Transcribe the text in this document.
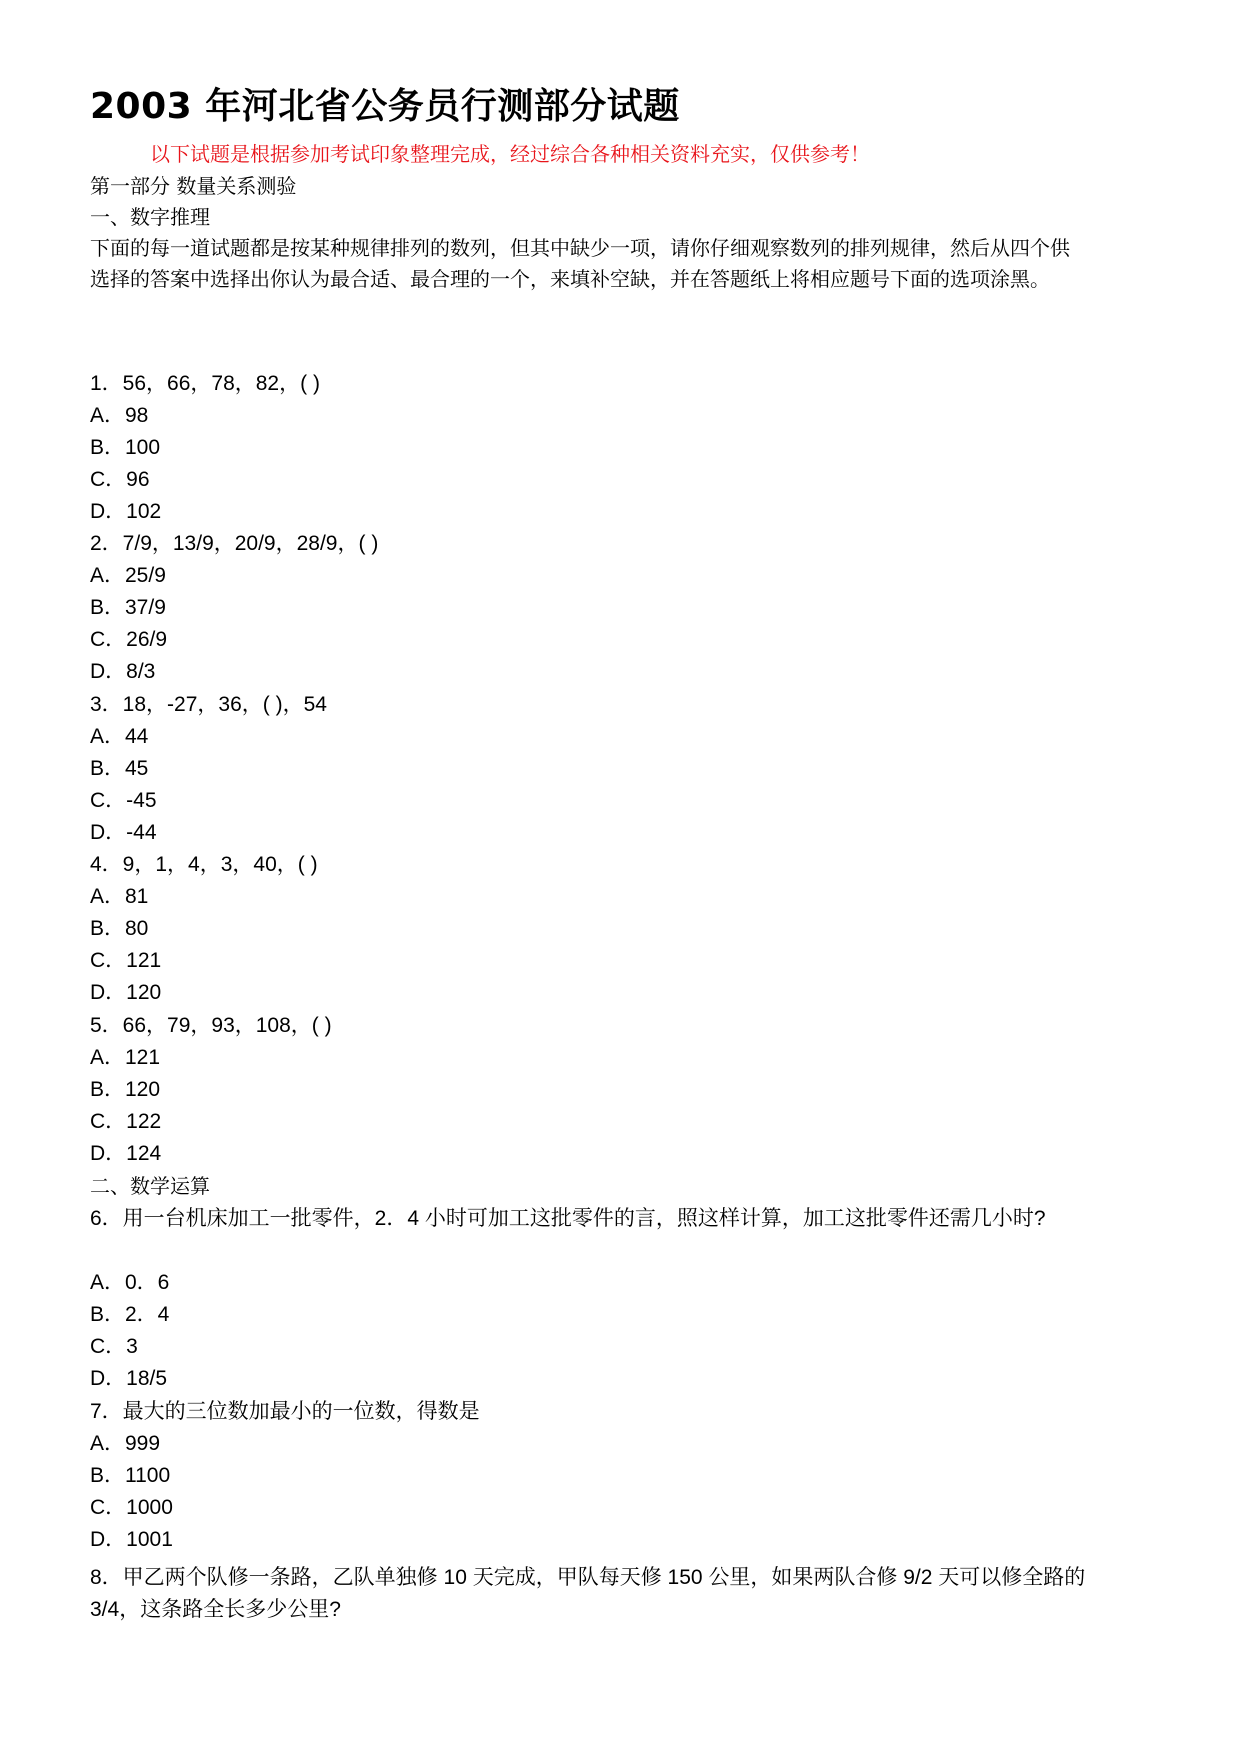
2003 年河北省公务员行测部分试题
以下试题是根据参加考试印象整理完成，经过综合各种相关资料充实，仅供参考！
第一部分 数量关系测验
一、数字推理
下面的每一道试题都是按某种规律排列的数列，但其中缺少一项，请你仔细观察数列的排列规律，然后从四个供
选择的答案中选择出你认为最合适、最合理的一个，来填补空缺，并在答题纸上将相应题号下面的选项涂黑。
1．56，66，78，82，( )
A．98
B．100
C．96
D．102
2．7/9，13/9，20/9，28/9，( )
A．25/9
B．37/9
C．26/9
D．8/3
3．18，-27，36，( )，54
A．44
B．45
C．-45
D．-44
4．9，1，4，3，40，( )
A．81
B．80
C．121
D．120
5．66，79，93，108，( )
A．121
B．120
C．122
D．124
二、数学运算
6．用一台机床加工一批零件，2．4 小时可加工这批零件的言，照这样计算，加工这批零件还需几小时?
A．0．6
B．2．4
C．3
D．18/5
7．最大的三位数加最小的一位数，得数是
A．999
B．1100
C．1000
D．1001
8．甲乙两个队修一条路，乙队单独修 10 天完成，甲队每天修 150 公里，如果两队合修 9/2 天可以修全路的
3/4，这条路全长多少公里?
